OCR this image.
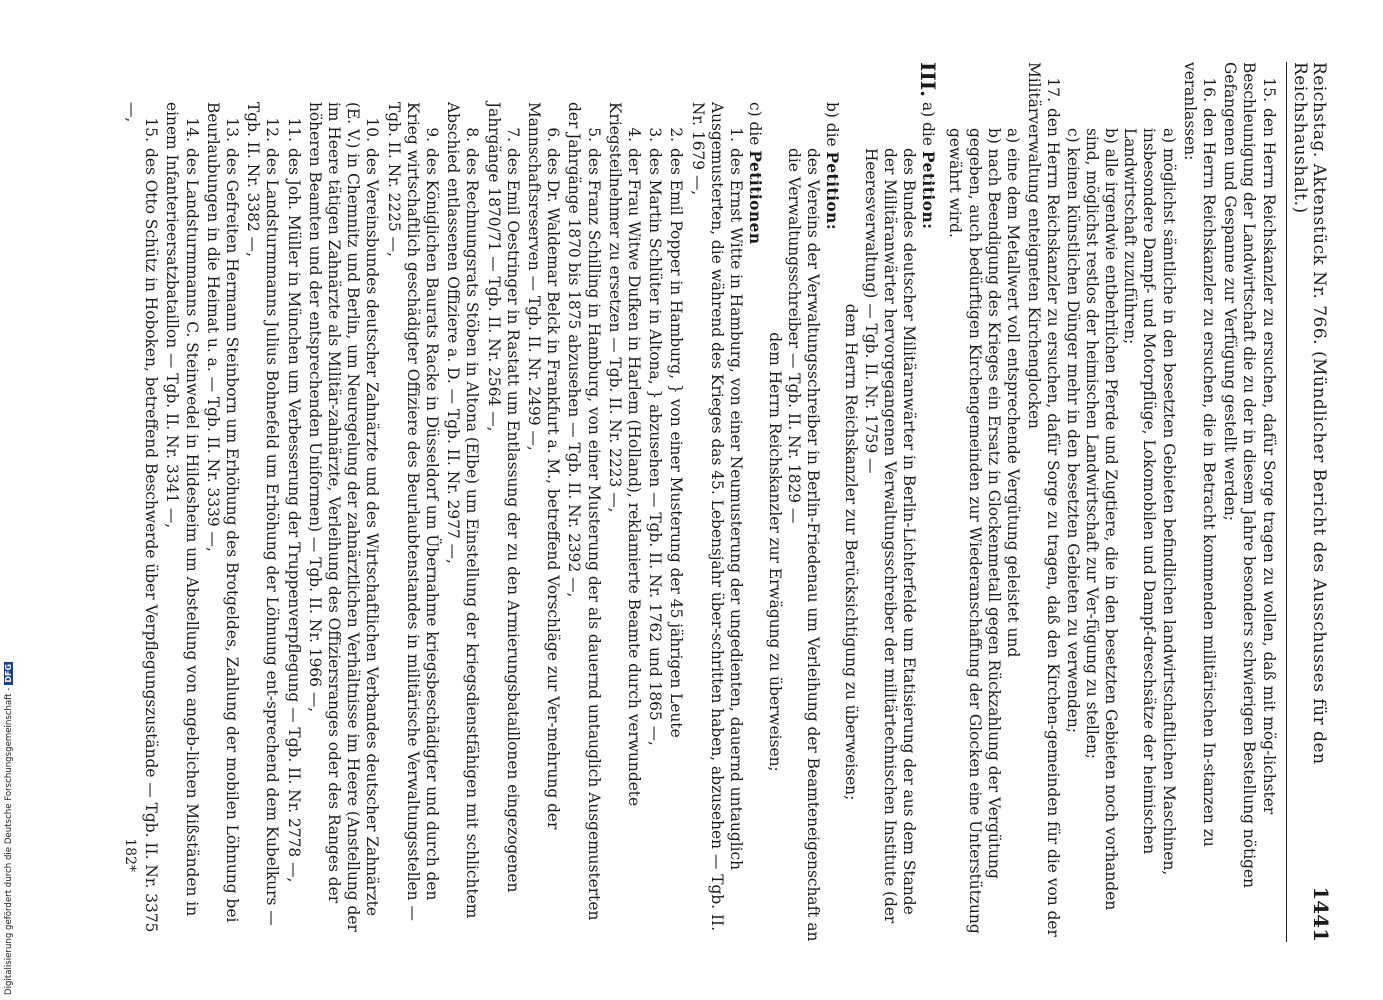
Reichstag. Aktenstück Nr. 766. (Mündlicher Bericht des Ausschusses für den Reichshaushalt.)
1441
15.den Herrn Reichskanzler zu ersuchen, dafür Sorge tragen zu wollen, daß mit mög-lichster Beschleunigung der Landwirtschaft die zu der in diesem Jahre besonders schwierigen Bestellung nötigen Gefangenen und Gespanne zur Verfügung gestellt werden;
16.den Herrn Reichskanzler zu ersuchen, die in Betracht kommenden militärischen In-stanzen zu veranlassen:
a) möglichst sämtliche in den besetzten Gebieten befindlichen landwirtschaftlichen Maschinen, insbesondere Dampf- und Motorpflüge, Lokomobilen und Dampf-dreschsätze der heimischen Landwirtschaft zuzuführen;
b) alle irgendwie entbehrlichen Pferde und Zugtiere, die in den besetzten Gebieten noch vorhanden sind, möglichst restlos der heimischen Landwirtschaft zur Ver-fügung zu stellen;
c) keinen künstlichen Dünger mehr in den besetzten Gebieten zu verwenden;
17.den Herrn Reichskanzler zu ersuchen, dafür Sorge zu tragen, daß den Kirchen-gemeinden für die von der Militärverwaltung enteigneten Kirchenglocken
a) eine dem Metallwert voll entsprechende Vergütung geleistet und
b) nach Beendigung des Krieges ein Ersatz in Glockenmetall gegen Rückzahlung der Vergütung gegeben, auch bedürftigen Kirchengemeinden zur Wiederanschaffung der Glocken eine Unterstützung gewährt wird.
III.
a) die Petition:
des Bundes deutscher Militäranwärter in Berlin-Lichterfelde um Etatisierung der aus dem Stande der Militäranwärter hervorgegangenen Verwaltungsschreiber der militärtechnischen Institute (der Heeresverwaltung) — Tgb. II. Nr. 1759 —
dem Herrn Reichskanzler zur Berücksichtigung zu überweisen;
b) die Petition:
des Vereins der Verwaltungsschreiber in Berlin-Friedenau um Verleihung der Beamteneigenschaft an die Verwaltungsschreiber — Tgb. II. Nr. 1829 —
dem Herrn Reichskanzler zur Erwägung zu überweisen;
c) die Petitionen
1.des Ernst Witte in Hamburg, von einer Neumusterung der ungedienten, dauernd untauglich Ausgemusterten, die während des Krieges das 45. Lebensjahr über-schritten haben, abzusehen — Tgb. II. Nr. 1679 —,
2.des Emil Popper in Hamburg, } von einer Musterung der 45 jährigen Leute
3.des Martin Schlüter in Altona, } abzusehen — Tgb. II. Nr. 1762 und 1865 —,
4.der Frau Witwe Dufken in Harlem (Holland), reklamierte Beamte durch verwundete Kriegsteilnehmer zu ersetzen — Tgb. II. Nr. 2223 —,
5.des Franz Schilling in Hamburg, von einer Musterung der als dauernd untauglich Ausgemusterten der Jahrgänge 1870 bis 1875 abzusehen — Tgb. II. Nr. 2392 —,
6.des Dr. Waldemar Belck in Frankfurt a. M., betreffend Vorschläge zur Ver-mehrung der Mannschaftsreserven — Tgb. II. Nr. 2499 —,
7.des Emil Oestringer in Rastatt um Entlassung der zu den Armierungsbataillonen eingezogenen Jahrgänge 1870/71 — Tgb. II. Nr. 2564 —,
8.des Rechnungsrats Stöben in Altona (Elbe) um Einstellung der kriegsdienstfähigen mit schlichtem Abschied entlassenen Offiziere a. D. — Tgb. II. Nr. 2977 —,
9.des Königlichen Baurats Racke in Düsseldorf um Übernahme kriegsbeschädigter und durch den Krieg wirtschaftlich geschädigter Offiziere des Beurlaubtenstandes in militärische Verwaltungsstellen — Tgb. II. Nr. 2225 —,
10.des Vereinsbundes deutscher Zahnärzte und des Wirtschaftlichen Verbandes deutscher Zahnärzte (E. V.) in Chemnitz und Berlin, um Neuregelung der zahnärztlichen Verhältnisse im Heere (Anstellung der im Heere tätigen Zahnärzte als Militär-zahnärzte, Verleihung des Offiziersranges oder des Ranges der höheren Beamten und der entsprechenden Uniformen) — Tgb. II. Nr. 1966 —,
11.des Joh. Müller in München um Verbesserung der Truppenverpflegung — Tgb. II. Nr. 2778 —,
12.des Landsturmmanns Julius Bohnefeld um Erhöhung der Löhnung ent-sprechend dem Kubelkurs — Tgb. II. Nr. 3382 —,
13.des Gefreiten Hermann Steinborn um Erhöhung des Brotgeldes, Zahlung der mobilen Löhnung bei Beurlaubungen in die Heimat u. a. — Tgb. II. Nr. 3339 —,
14.des Landsturmmanns C. Steinwedel in Hildesheim um Abstellung von angeb-lichen Mißständen in einem Infanterieersatzbataillon — Tgb. II. Nr. 3341 —,
15.des Otto Schütz in Hoboken, betreffend Beschwerde über Verpflegungszustände — Tgb. II. Nr. 3375 —,
182*
Digitalisierung gefördert durch die Deutsche Forschungsgemeinschaft -DFG
